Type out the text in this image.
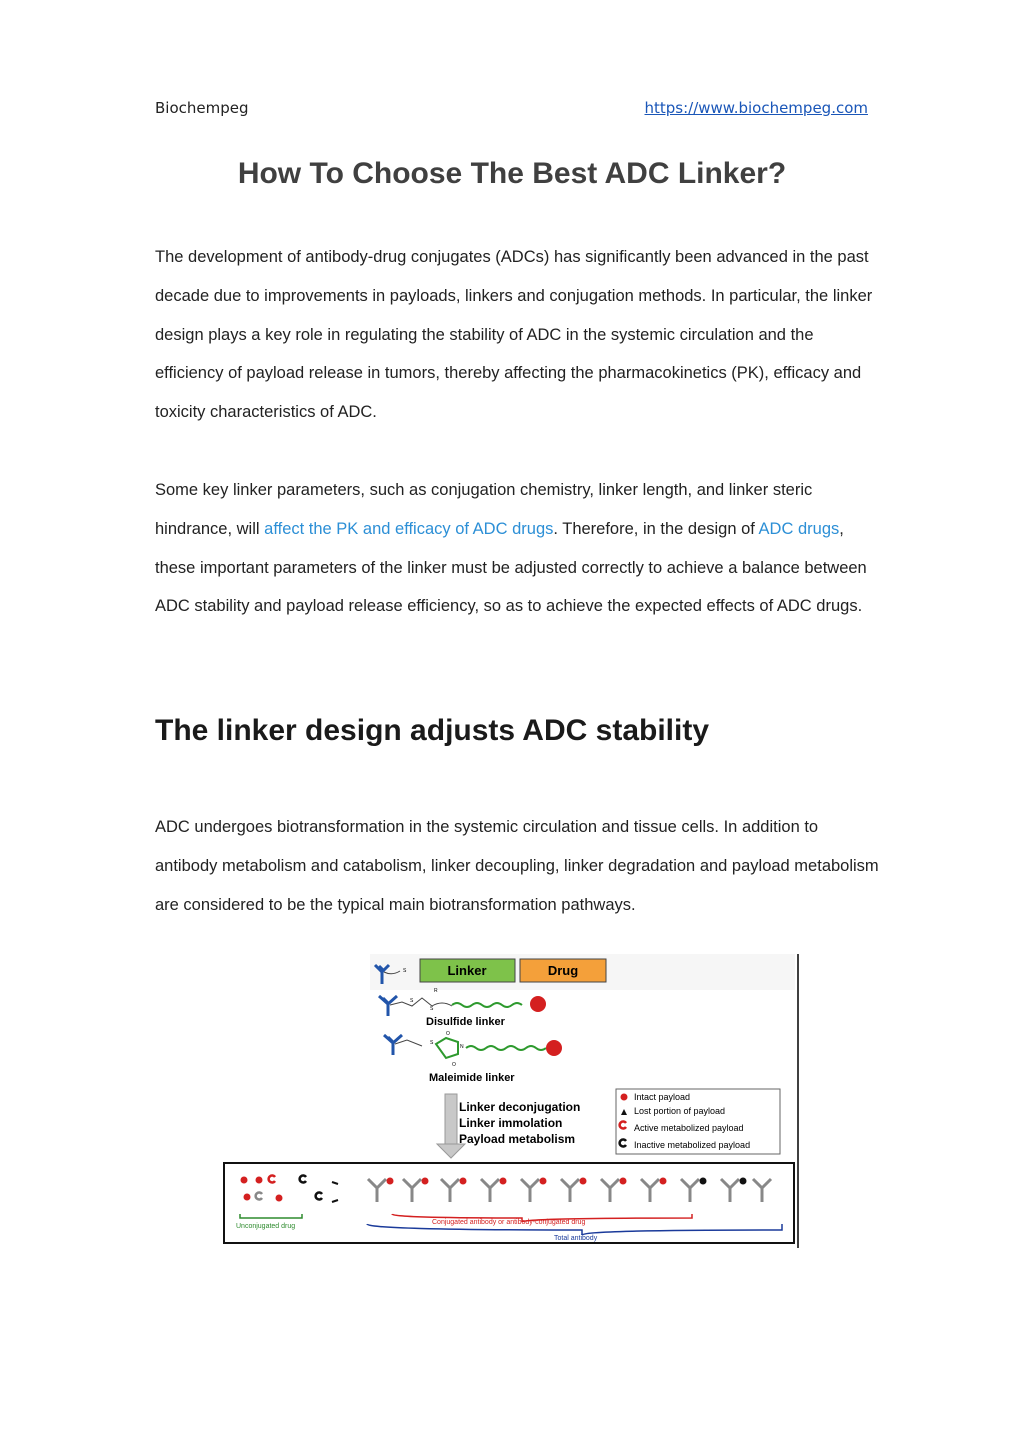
Biochempeg	https://www.biochempeg.com
How To Choose The Best ADC Linker?

The development of antibody-drug conjugates (ADCs) has significantly been advanced in the past decade due to improvements in payloads, linkers and conjugation methods. In particular, the linker design plays a key role in regulating the stability of ADC in the systemic circulation and the efficiency of payload release in tumors, thereby affecting the pharmacokinetics (PK), efficacy and toxicity characteristics of ADC.

Some key linker parameters, such as conjugation chemistry, linker length, and linker steric hindrance, will affect the PK and efficacy of ADC drugs. Therefore, in the design of ADC drugs, these important parameters of the linker must be adjusted correctly to achieve a balance between ADC stability and payload release efficiency, so as to achieve the expected effects of ADC drugs.

The linker design adjusts ADC stability

ADC undergoes biotransformation in the systemic circulation and tissue cells. In addition to antibody metabolism and catabolism, linker decoupling, linker degradation and payload metabolism are considered to be the typical main biotransformation pathways.

S	Linker	Drug
S
S
R
Disulfide linker
S
N
O
O
Maleimide linker
Linker deconjugation
Linker immolation
Payload metabolism
Intact payload
Lost portion of payload
Active metabolized payload
Inactive metabolized payload
Unconjugated drug
Conjugated antibody or antibody-conjugated drug
Total antibody
